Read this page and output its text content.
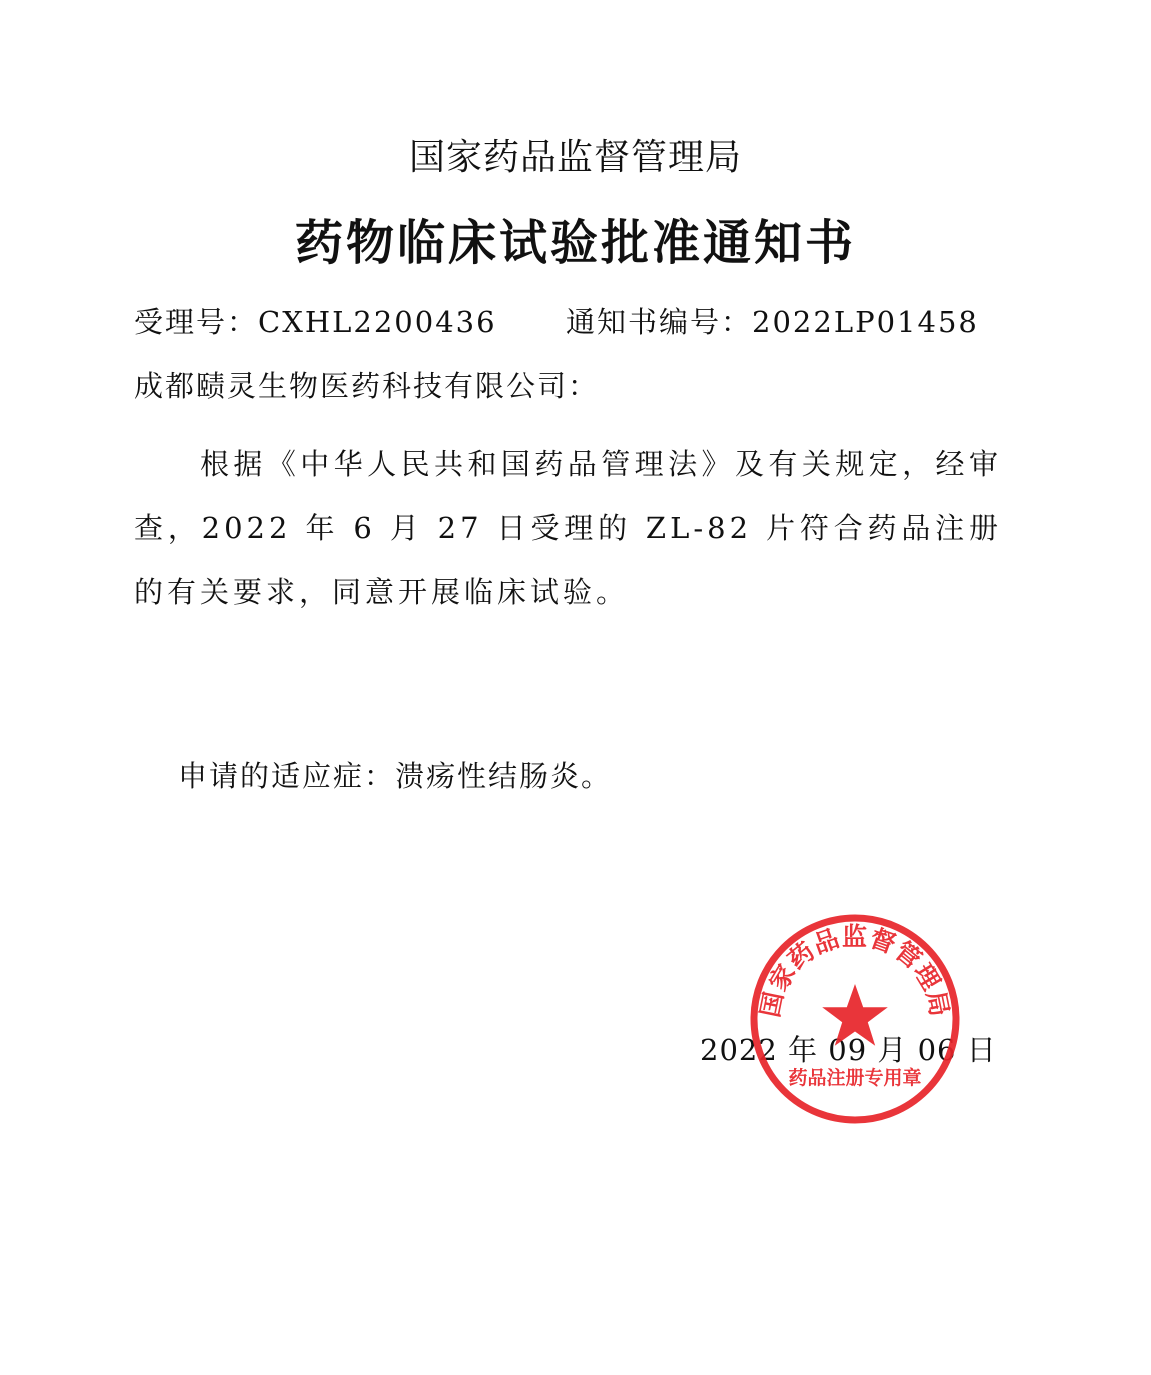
国家药品监督管理局
药物临床试验批准通知书
受理号：CXHL2200436 通知书编号：2022LP01458
成都赜灵生物医药科技有限公司：
根据《中华人民共和国药品管理法》及有关规定，经审查，2022 年 6 月 27 日受理的 ZL-82 片符合药品注册的有关要求，同意开展临床试验。
申请的适应症：溃疡性结肠炎。
2022 年 09 月 06 日
国家药品监督管理局
药品注册专用章
